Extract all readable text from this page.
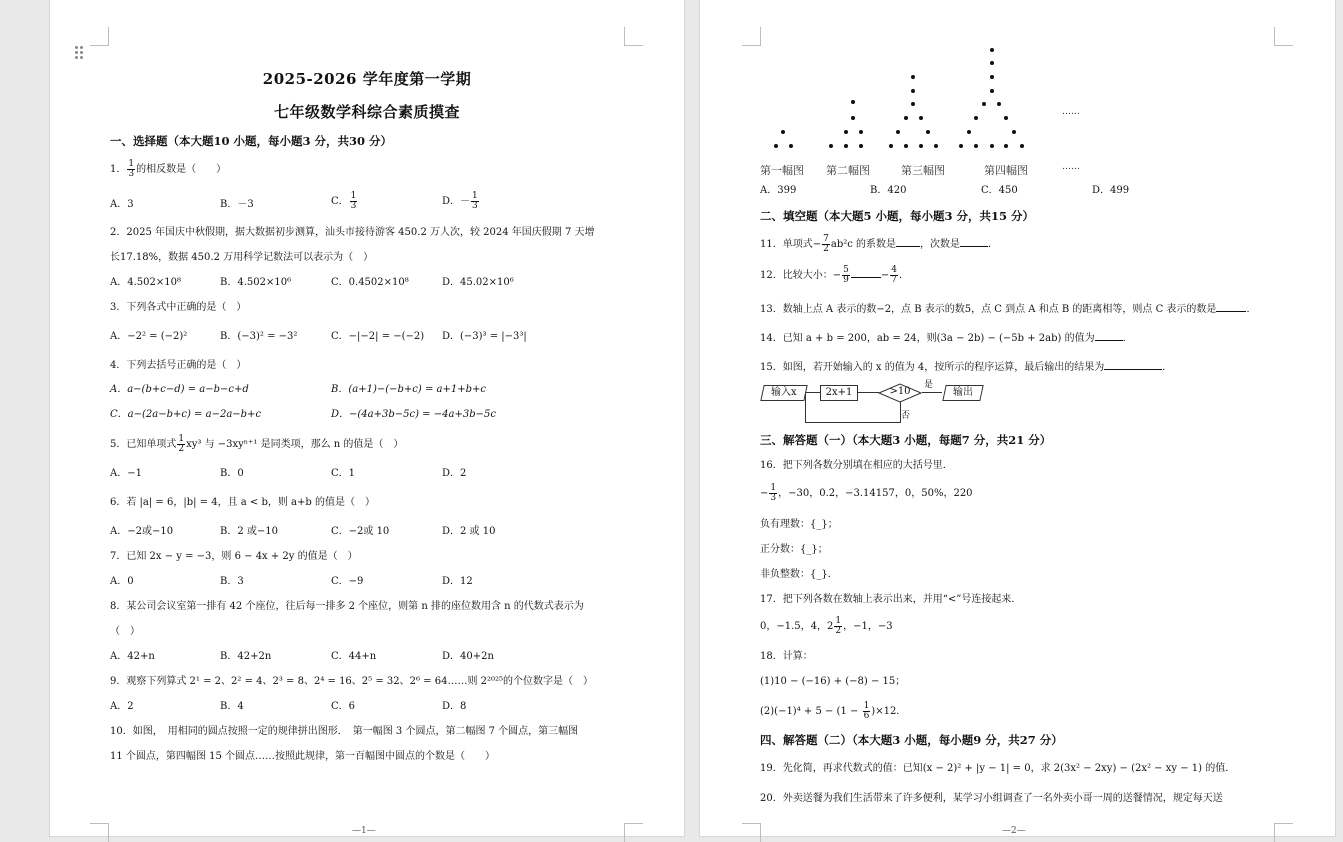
2025-2026 学年度第一学期
七年级数学科综合素质摸查
一、选择题（本大题10 小题，每小题3 分，共30 分）
1． $\frac{1}{3}$ 的相反数是（　　）
A．3	B．－3	C． $\frac{1}{3}$	D．－ $\frac{1}{3}$
2．2025 年国庆中秋假期，据大数据初步测算，汕头市接待游客 450.2 万人次，较 2024 年国庆假期 7 天增
长17.18%，数据 450.2 万用科学记数法可以表示为（　）
A．4.502×10⁸	B．4.502×10⁶	C．0.4502×10⁸	D．45.02×10⁶
3．下列各式中正确的是（　）
A．−2² = (−2)²	B．(−3)² = −3²	C．−|−2| = −(−2) D．(−3)³ = |−3³|
4．下列去括号正确的是（　）
A．a−(b+c−d) = a−b−c+d	B．(a+1)−(−b+c) = a+1+b+c
C．a−(2a−b+c) = a−2a−b+c	D．−(4a+3b−5c) = −4a+3b−5c
5．已知单项式 $\frac{1}{2} xy^3$ 与 −3xyⁿ⁺¹ 是同类项，那么 n 的值是（　）
A．−1	B．0	C．1	D．2
6．若 |a| = 6，|b| = 4，且 a < b，则 a+b 的值是（　）
A．−2或−10	B．2 或−10	C．−2或 10	D．2 或 10
7．已知 2x − y = −3，则 6 − 4x + 2y 的值是（　）
A．0	B．3	C．−9	D．12
8．某公司会议室第一排有 42 个座位，往后每一排多 2 个座位，则第 n 排的座位数用含 n 的代数式表示为
（　）
A．42+n	B．42+2n	C．44+n	D．40+2n
9．观察下列算式 2¹ = 2、2² = 4、2³ = 8、2⁴ = 16、2⁵ = 32、2⁶ = 64……则 2²⁰²⁵的个位数字是（　）
A．2	B．4	C．6	D．8
10．如图，　用相同的圆点按照一定的规律拼出图形．　第一幅图 3 个圆点，第二幅图 7 个圆点，第三幅图
11 个圆点，第四幅图 15 个圆点……按照此规律，第一百幅图中圆点的个数是（　　）
—1—
……
第一幅图 第二幅图	第三幅图	第四幅图	……
A．399	B．420	C．450	D．499
二、填空题（本大题5 小题，每小题3 分，共15 分）
11．单项式− $\frac{7}{2} ab^2c$ 的系数是 ，次数是	．
12．比较大小：− $\frac{5}{9}$	− $\frac{4}{7}$ ．
13．数轴上点 A 表示的数−2，点 B 表示的数5，点 C 到点 A 和点 B 的距离相等，则点 C 表示的数是	．
14．已知 a + b = 200，ab = 24，则(3a − 2b) − (−5b + 2ab) 的值为	．
15．如图，若开始输入的 x 的值为 4，按所示的程序运算，最后输出的结果为	．
输入x	2x+1	>10
是
输出
否
三、解答题（一）（本大题3 小题，每题7 分，共21 分）
16．把下列各数分别填在相应的大括号里．
− $\frac{1}{3}$ ，−30，0.2̇，−3.14157，0，50%，220
负有理数：{_}；
正分数：{_}；
非负整数：{_}．
17．把下列各数在数轴上表示出来，并用“<”号连接起来．
0，−1.5，4，$2 \frac{1}{2}$ ，−1，−3
18．计算：
(1)10 − (−16) + (−8) − 15；
$(2)(-1)^4 + 5 - (1 - \frac{1}{6} )\times 12$．
四、解答题（二）（本大题3 小题，每小题9 分，共27 分）
19．先化简，再求代数式的值：已知(x − 2)² + |y − 1| = 0，求 2(3x² − 2xy) − (2x² − xy − 1) 的值．
20．外卖送餐为我们生活带来了许多便利，某学习小组调查了一名外卖小哥一周的送餐情况，规定每天送
—2—
